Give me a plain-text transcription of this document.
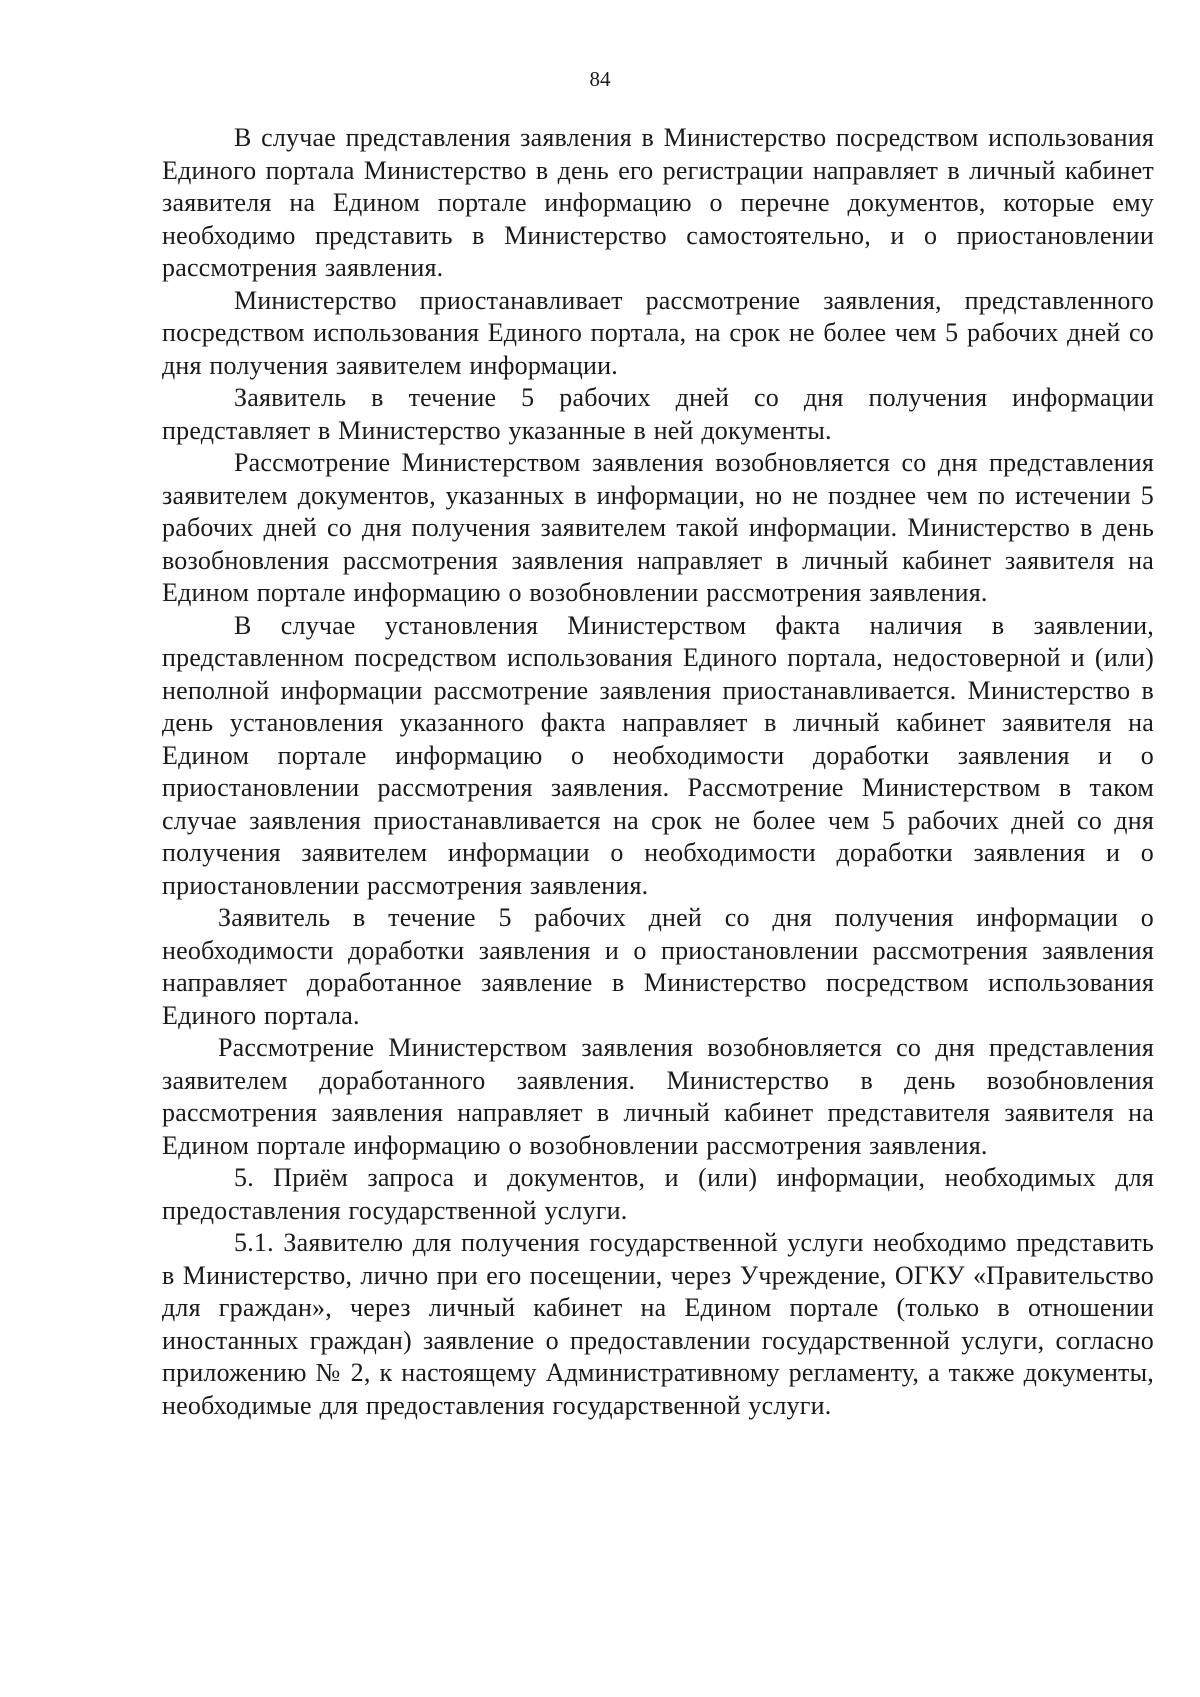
84

В случае представления заявления в Министерство посредством использования Единого портала Министерство в день его регистрации направляет в личный кабинет заявителя на Едином портале информацию о перечне документов, которые ему необходимо представить в Министерство самостоятельно, и о приостановлении рассмотрения заявления.

Министерство приостанавливает рассмотрение заявления, представленного посредством использования Единого портала, на срок не более чем 5 рабочих дней со дня получения заявителем информации.

Заявитель в течение 5 рабочих дней со дня получения информации представляет в Министерство указанные в ней документы.

Рассмотрение Министерством заявления возобновляется со дня представления заявителем документов, указанных в информации, но не позднее чем по истечении 5 рабочих дней со дня получения заявителем такой информации. Министерство в день возобновления рассмотрения заявления направляет в личный кабинет заявителя на Едином портале информацию о возобновлении рассмотрения заявления.

В случае установления Министерством факта наличия в заявлении, представленном посредством использования Единого портала, недостоверной и (или) неполной информации рассмотрение заявления приостанавливается. Министерство в день установления указанного факта направляет в личный кабинет заявителя на Едином портале информацию о необходимости доработки заявления и о приостановлении рассмотрения заявления. Рассмотрение Министерством в таком случае заявления приостанавливается на срок не более чем 5 рабочих дней со дня получения заявителем информации о необходимости доработки заявления и о приостановлении рассмотрения заявления.

Заявитель в течение 5 рабочих дней со дня получения информации о необходимости доработки заявления и о приостановлении рассмотрения заявления направляет доработанное заявление в Министерство посредством использования Единого портала.

Рассмотрение Министерством заявления возобновляется со дня представления заявителем доработанного заявления. Министерство в день возобновления рассмотрения заявления направляет в личный кабинет представителя заявителя на Едином портале информацию о возобновлении рассмотрения заявления.

5. Приём запроса и документов, и (или) информации, необходимых для предоставления государственной услуги.

5.1. Заявителю для получения государственной услуги необходимо представить в Министерство, лично при его посещении, через Учреждение, ОГКУ «Правительство для граждан», через личный кабинет на Едином портале (только в отношении иностанных граждан) заявление о предоставлении государственной услуги, согласно приложению № 2, к настоящему Административному регламенту, а также документы, необходимые для предоставления государственной услуги.
